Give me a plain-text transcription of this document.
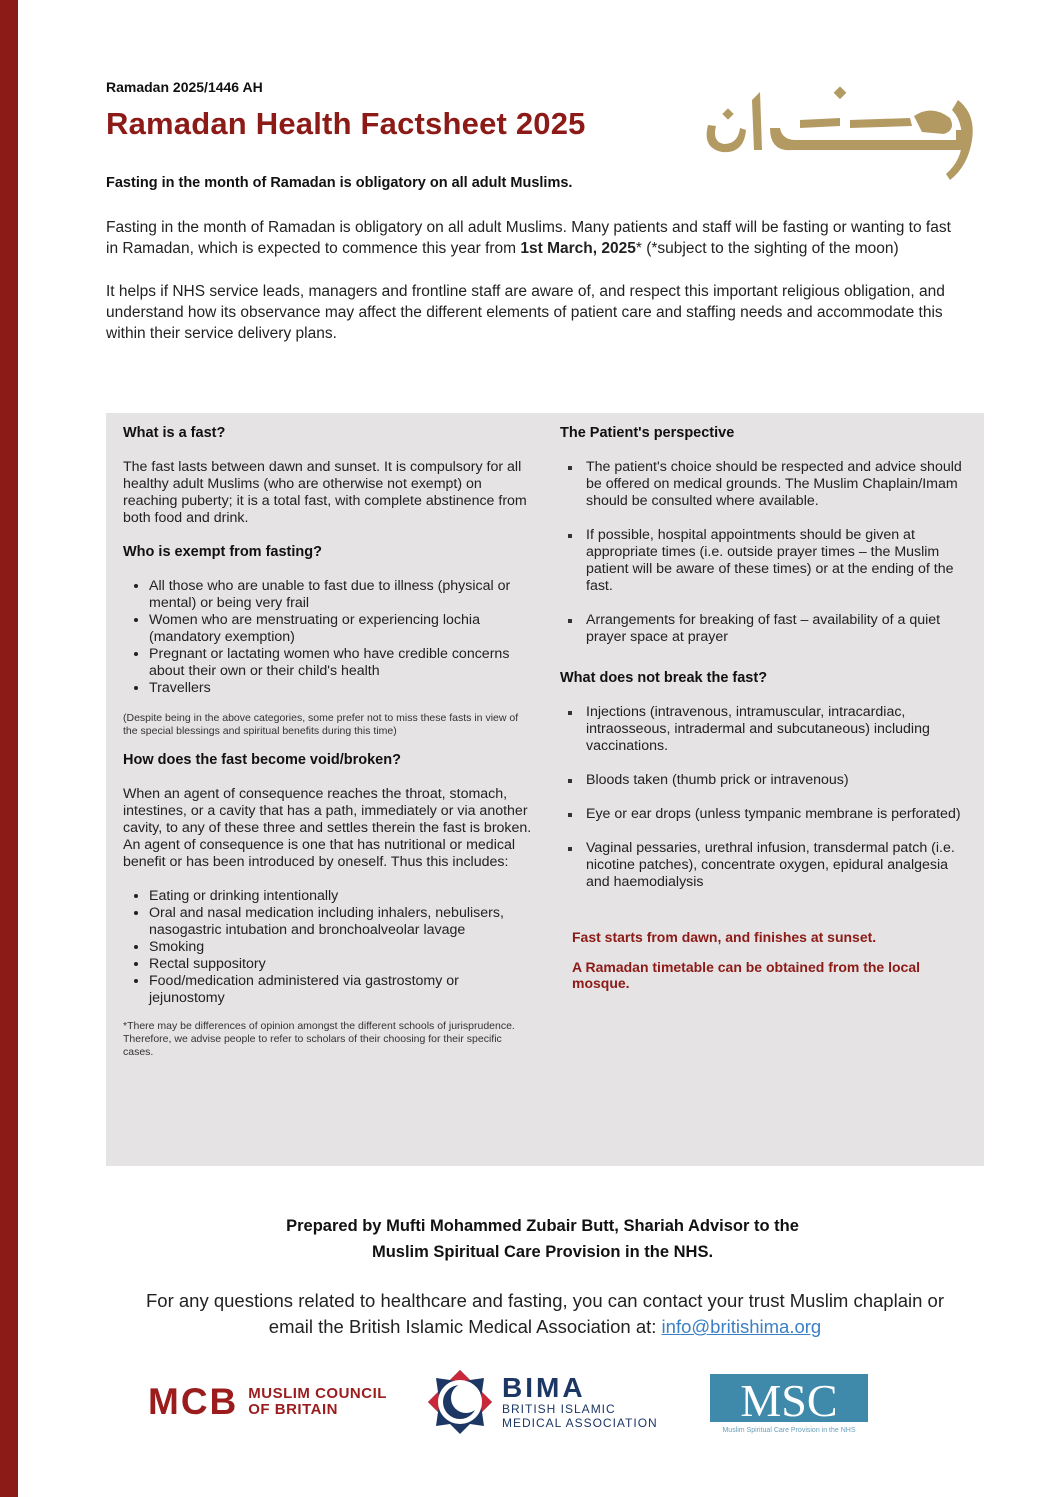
Ramadan 2025/1446 AH
Ramadan Health Factsheet 2025
Fasting in the month of Ramadan is obligatory on all adult Muslims.

Fasting in the month of Ramadan is obligatory on all adult Muslims. Many patients and staff will be fasting or wanting to fast in Ramadan, which is expected to commence this year from 1st March, 2025* (*subject to the sighting of the moon)

It helps if NHS service leads, managers and frontline staff are aware of, and respect this important religious obligation, and understand how its observance may affect the different elements of patient care and staffing needs and accommodate this within their service delivery plans.

What is a fast?

The fast lasts between dawn and sunset. It is compulsory for all healthy adult Muslims (who are otherwise not exempt) on reaching puberty; it is a total fast, with complete abstinence from both food and drink.

Who is exempt from fasting?
• All those who are unable to fast due to illness (physical or mental) or being very frail
• Women who are menstruating or experiencing lochia (mandatory exemption)
• Pregnant or lactating women who have credible concerns about their own or their child's health
• Travellers

(Despite being in the above categories, some prefer not to miss these fasts in view of the special blessings and spiritual benefits during this time)

How does the fast become void/broken?

When an agent of consequence reaches the throat, stomach, intestines, or a cavity that has a path, immediately or via another cavity, to any of these three and settles therein the fast is broken. An agent of consequence is one that has nutritional or medical benefit or has been introduced by oneself. Thus this includes:

• Eating or drinking intentionally
• Oral and nasal medication including inhalers, nebulisers, nasogastric intubation and bronchoalveolar lavage
• Smoking
• Rectal suppository
• Food/medication administered via gastrostomy or jejunostomy

*There may be differences of opinion amongst the different schools of jurisprudence. Therefore, we advise people to refer to scholars of their choosing for their specific cases.

The Patient's perspective
The patient's choice should be respected and advice should be offered on medical grounds. The Muslim Chaplain/Imam should be consulted where available.
If possible, hospital appointments should be given at appropriate times (i.e. outside prayer times – the Muslim patient will be aware of these times) or at the ending of the fast.
Arrangements for breaking of fast – availability of a quiet prayer space at prayer
What does not break the fast?
Injections (intravenous, intramuscular, intracardiac, intraosseous, intradermal and subcutaneous) including vaccinations.
Bloods taken (thumb prick or intravenous)
Eye or ear drops (unless tympanic membrane is perforated)
Vaginal pessaries, urethral infusion, transdermal patch (i.e. nicotine patches), concentrate oxygen, epidural analgesia and haemodialysis

Fast starts from dawn, and finishes at sunset.

A Ramadan timetable can be obtained from the local mosque.

Prepared by Mufti Mohammed Zubair Butt, Shariah Advisor to the
Muslim Spiritual Care Provision in the NHS.
For any questions related to healthcare and fasting, you can contact your trust Muslim chaplain or email the British Islamic Medical Association at: info@britishima.org
MCB MUSLIM COUNCIL
OF BRITAIN
BIMA
BRITISH ISLAMIC
MEDICAL ASSOCIATION MSC
Muslim Spiritual Care Provision in the NHS
